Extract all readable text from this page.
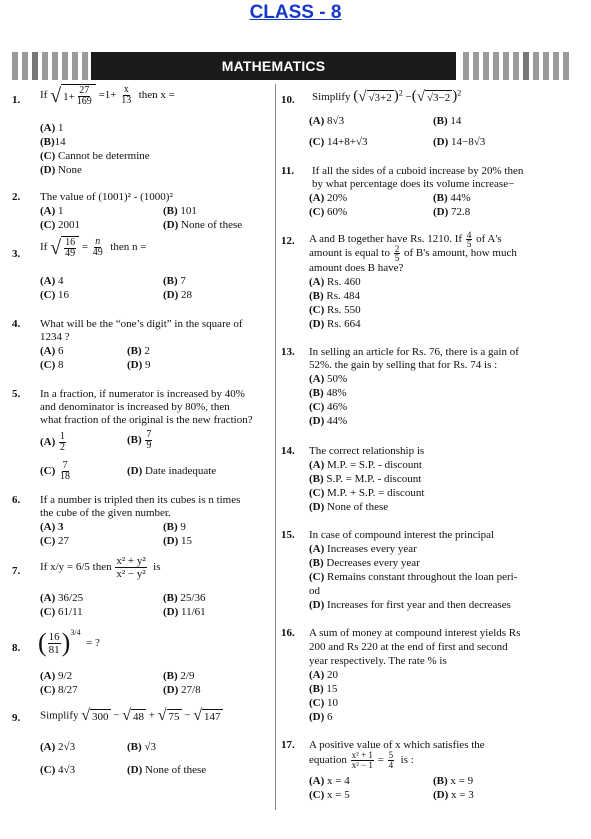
CLASS - 8
MATHEMATICS
1. If √ $1+ \frac{27}{169} =1+ \frac{x}{13}$ then x =
(A) 1
(B)14
(C) Cannot be determine
(D) None
2. The value of (1001)² - (1000)²
(A) 1	(B) 101
(C) 2001	(D) None of these
3.
If √ $\frac{16}{49} = \frac{n}{49}$ then n =
(A) 4	(B) 7
(C) 16	(D) 28
4. What will be the “one’s digit” in the square of
1234 ?
(A) 6	(B) 2
(C) 8	(D) 9
5. In a fraction, if numerator is increased by 40%
and denominator is increased by 80%, then
what fraction of the original is the new fraction?
$(A) \frac{1}{2}$	$(B) \frac{7}{9}$
$(C) \frac{7}{18}$	(D) Date inadequate
6. If a number is tripled then its cubes is n times
the cube of the given number.
(A) 3	(B) 9
(C) 27	(D) 15
7. If x/y = 6/5 then $\frac{\text{x² + y²}}{\text{x² − y²}}$ is
(A) 36/25	(B) 25/36
(C) 61/11	(D) 11/61
8. ( $\frac{16}{81} )^{3/4}$  = ?
(A) 9/2	(B) 2/9
(C) 8/27	(D) 27/8
9. Simplify √ 300 − √ 48 + √ 75 − √ 147
(A) 2√3	(B) √3
(C) 4√3	(D) None of these
10. Simplify ( √ √3+2 )$^2$ −( √ √3−2 )$^2$
(A) 8√3	(B) 14
(C) 14+8+√3	(D) 14−8√3
11. If all the sides of a cuboid increase by 20% then
by what percentage does its volume increase−
(A) 20%	(B) 44%
(C) 60%	(D) 72.8
12. A and B together have Rs. 1210. If $\frac{4}{5}$ of A's
amount is equal to $\frac{2}{5}$ of B's amount, how much
amount does B have?
(A) Rs. 460
(B) Rs. 484
(C) Rs. 550
(D) Rs. 664
13. In selling an article for Rs. 76, there is a gain of
52%. the gain by selling that for Rs. 74 is :
(A) 50%
(B) 48%
(C) 46%
(D) 44%
14. The correct relationship is
(A) M.P. = S.P. - discount
(B) S.P. = M.P. - discount
(C) M.P. + S.P. = discount
(D) None of these
15. In case of compound interest the principal
(A) Increases every year
(B) Decreases every year
(C) Remains constant throughout the loan peri-
od
(D) Increases for first year and then decreases
16. A sum of money at compound interest yields Rs
200 and Rs 220 at the end of first and second
year respectively. The rate % is
(A) 20
(B) 15
(C) 10
(D) 6
17. A positive value of x which satisfies the
equation $\frac{\text{x² + 1}}{\text{x² − 1}} = \frac{5}{4}$ is :
(A) x = 4	(B) x = 9
(C) x = 5	(D) x = 3
